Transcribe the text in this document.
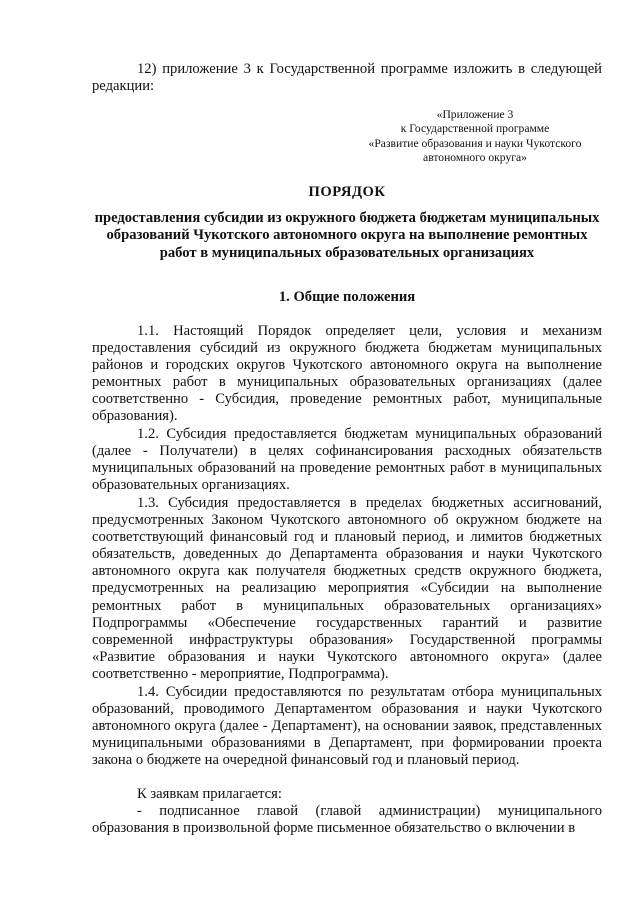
12) приложение 3 к Государственной программе изложить в следующей редакции:
«Приложение 3
к Государственной программе
«Развитие образования и науки Чукотского
автономного округа»
ПОРЯДОК
предоставления субсидии из окружного бюджета бюджетам муниципальных образований Чукотского автономного округа на выполнение ремонтных работ в муниципальных образовательных организациях
1. Общие положения
1.1. Настоящий Порядок определяет цели, условия и механизм предоставления субсидий из окружного бюджета бюджетам муниципальных районов и городских округов Чукотского автономного округа на выполнение ремонтных работ в муниципальных образовательных организациях (далее соответственно - Субсидия, проведение ремонтных работ, муниципальные образования).
1.2. Субсидия предоставляется бюджетам муниципальных образований (далее - Получатели) в целях софинансирования расходных обязательств муниципальных образований на проведение ремонтных работ в муниципальных образовательных организациях.
1.3. Субсидия предоставляется в пределах бюджетных ассигнований, предусмотренных Законом Чукотского автономного об окружном бюджете на соответствующий финансовый год и плановый период, и лимитов бюджетных обязательств, доведенных до Департамента образования и науки Чукотского автономного округа как получателя бюджетных средств окружного бюджета, предусмотренных на реализацию мероприятия «Субсидии на выполнение ремонтных работ в муниципальных образовательных организациях» Подпрограммы «Обеспечение государственных гарантий и развитие современной инфраструктуры образования» Государственной программы «Развитие образования и науки Чукотского автономного округа» (далее соответственно - мероприятие, Подпрограмма).
1.4. Субсидии предоставляются по результатам отбора муниципальных образований, проводимого Департаментом образования и науки Чукотского автономного округа (далее - Департамент), на основании заявок, представленных муниципальными образованиями в Департамент, при формировании проекта закона о бюджете на очередной финансовый год и плановый период.
К заявкам прилагается:
- подписанное главой (главой администрации) муниципального образования в произвольной форме письменное обязательство о включении в
